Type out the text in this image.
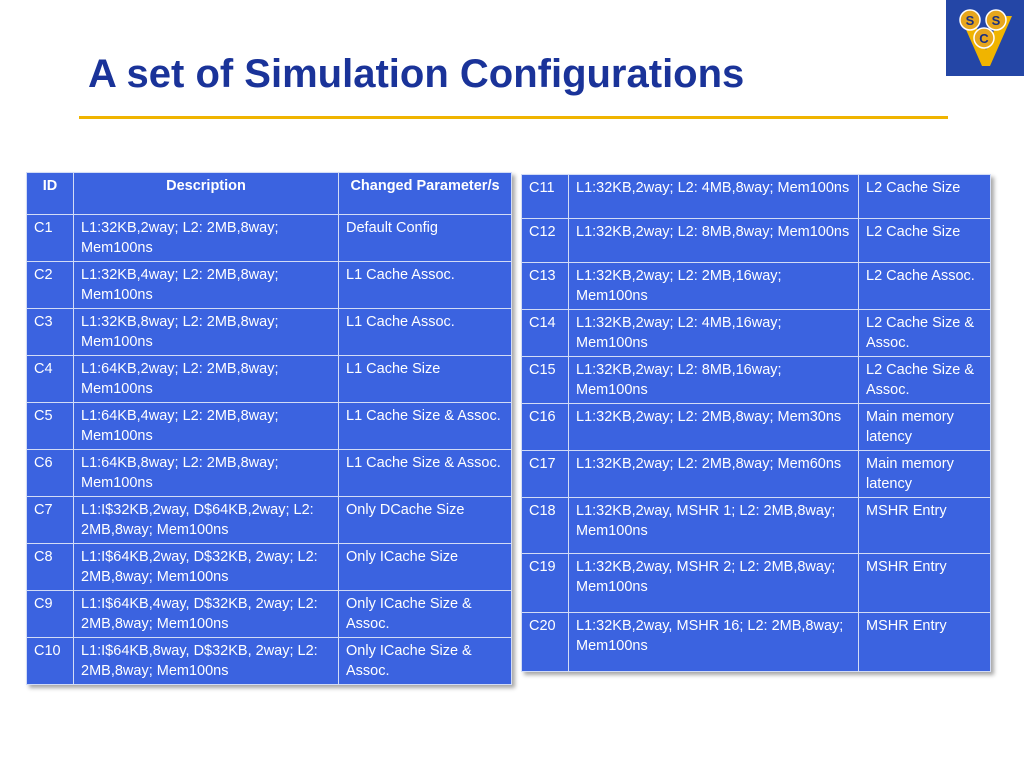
A set of Simulation Configurations
S S
C
ID	Description	Changed Parameter/s
C1	L1:32KB,2way; L2: 2MB,8way; Mem100ns	Default Config
C2	L1:32KB,4way; L2: 2MB,8way; Mem100ns	L1 Cache Assoc.
C3	L1:32KB,8way; L2: 2MB,8way; Mem100ns	L1 Cache Assoc.
C4	L1:64KB,2way; L2: 2MB,8way; Mem100ns	L1 Cache Size
C5	L1:64KB,4way; L2: 2MB,8way; Mem100ns	L1 Cache Size & Assoc.
C6	L1:64KB,8way; L2: 2MB,8way; Mem100ns	L1 Cache Size & Assoc.
C7	L1:I$32KB,2way, D$64KB,2way; L2: 2MB,8way; Mem100ns	Only DCache Size
C8	L1:I$64KB,2way, D$32KB, 2way; L2: 2MB,8way; Mem100ns	Only ICache Size
C9	L1:I$64KB,4way, D$32KB, 2way; L2: 2MB,8way; Mem100ns	Only ICache Size & Assoc.
C10	L1:I$64KB,8way, D$32KB, 2way; L2: 2MB,8way; Mem100ns	Only ICache Size & Assoc.
C11	L1:32KB,2way; L2: 4MB,8way; Mem100ns	L2 Cache Size
C12	L1:32KB,2way; L2: 8MB,8way; Mem100ns	L2 Cache Size
C13	L1:32KB,2way; L2: 2MB,16way; Mem100ns	L2 Cache Assoc.
C14	L1:32KB,2way; L2: 4MB,16way; Mem100ns	L2 Cache Size & Assoc.
C15	L1:32KB,2way; L2: 8MB,16way; Mem100ns	L2 Cache Size & Assoc.
C16	L1:32KB,2way; L2: 2MB,8way; Mem30ns	Main memory latency
C17	L1:32KB,2way; L2: 2MB,8way; Mem60ns	Main memory latency
C18	L1:32KB,2way, MSHR 1; L2: 2MB,8way; Mem100ns	MSHR Entry
C19	L1:32KB,2way, MSHR 2; L2: 2MB,8way; Mem100ns	MSHR Entry
C20	L1:32KB,2way, MSHR 16; L2: 2MB,8way; Mem100ns	MSHR Entry
